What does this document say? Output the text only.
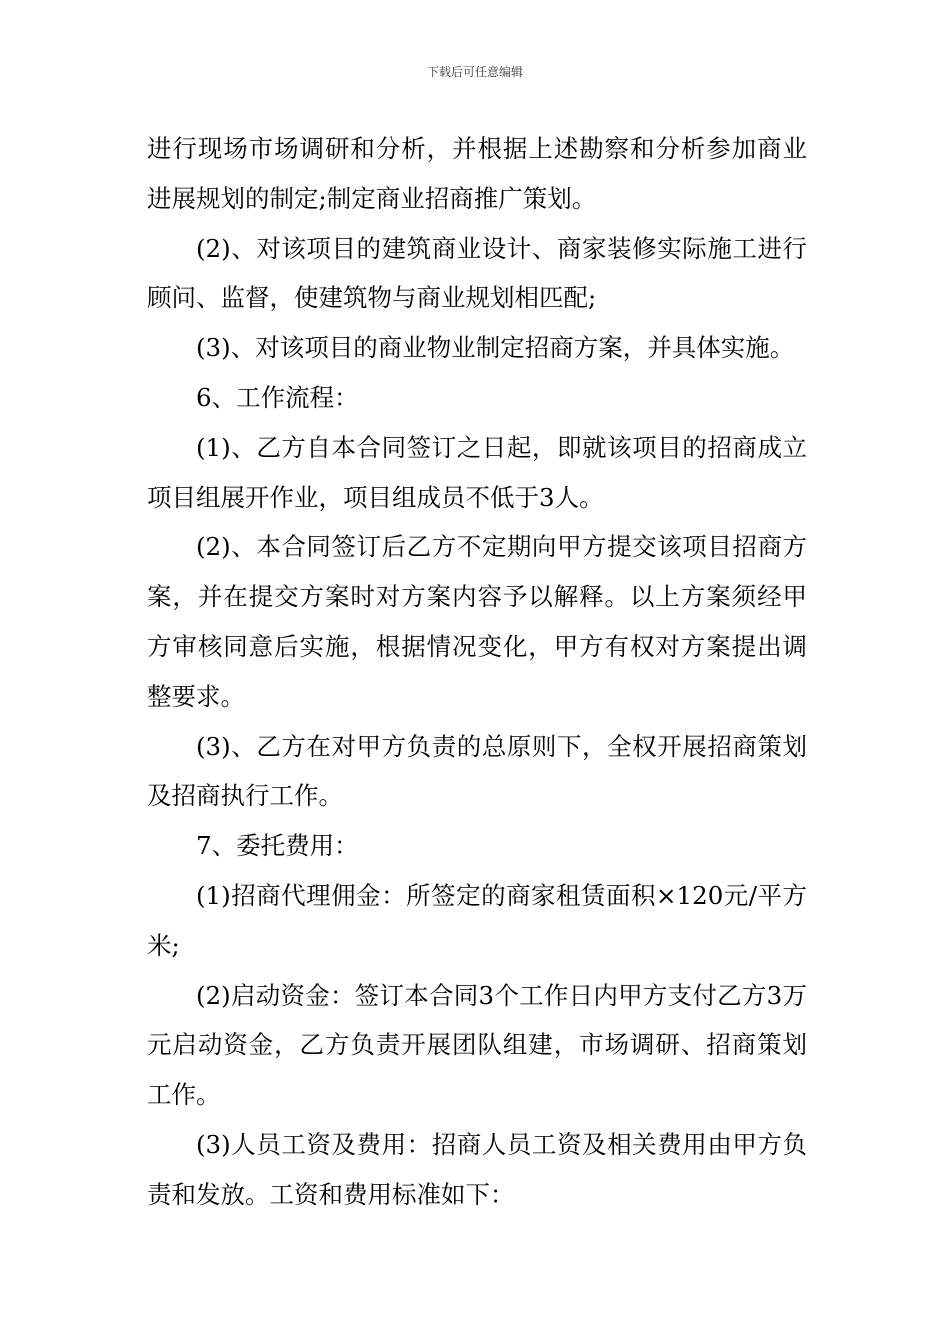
下载后可任意编辑

进行现场市场调研和分析，并根据上述勘察和分析参加商业进展规划的制定;制定商业招商推广策划。

(2)、对该项目的建筑商业设计、商家装修实际施工进行顾问、监督，使建筑物与商业规划相匹配;

(3)、对该项目的商业物业制定招商方案，并具体实施。

6、工作流程：

(1)、乙方自本合同签订之日起，即就该项目的招商成立项目组展开作业，项目组成员不低于3人。

(2)、本合同签订后乙方不定期向甲方提交该项目招商方案，并在提交方案时对方案内容予以解释。以上方案须经甲方审核同意后实施，根据情况变化，甲方有权对方案提出调整要求。

(3)、乙方在对甲方负责的总原则下，全权开展招商策划及招商执行工作。

7、委托费用：

(1)招商代理佣金：所签定的商家租赁面积×120元/平方米;

(2)启动资金：签订本合同3个工作日内甲方支付乙方3万元启动资金，乙方负责开展团队组建，市场调研、招商策划工作。

(3)人员工资及费用：招商人员工资及相关费用由甲方负责和发放。工资和费用标准如下：
